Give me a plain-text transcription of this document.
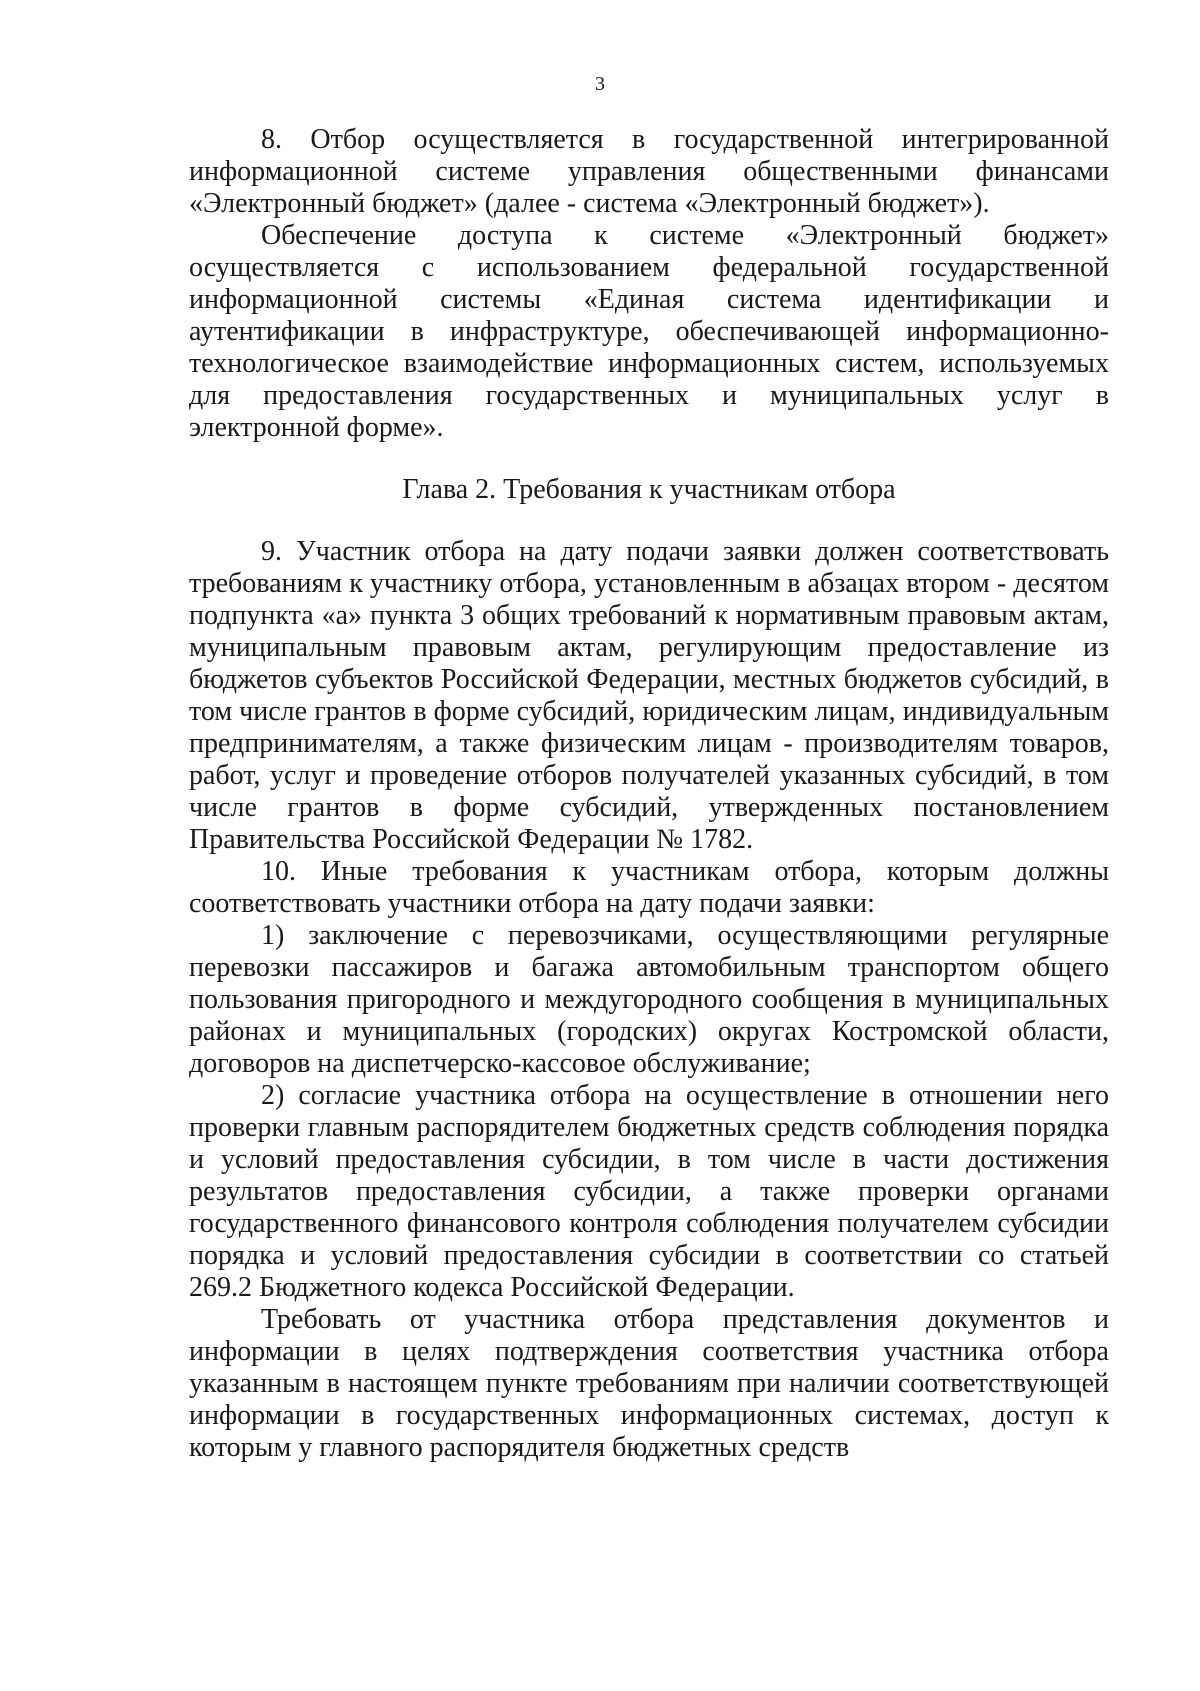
3

8. Отбор осуществляется в государственной интегрированной информационной системе управления общественными финансами «Электронный бюджет» (далее - система «Электронный бюджет»).

Обеспечение доступа к системе «Электронный бюджет» осуществляется с использованием федеральной государственной информационной системы «Единая система идентификации и аутентификации в инфраструктуре, обеспечивающей информационно-технологическое взаимодействие информационных систем, используемых для предоставления государственных и муниципальных услуг в электронной форме».

Глава 2. Требования к участникам отбора

9. Участник отбора на дату подачи заявки должен соответствовать требованиям к участнику отбора, установленным в абзацах втором - десятом подпункта «а» пункта 3 общих требований к нормативным правовым актам, муниципальным правовым актам, регулирующим предоставление из бюджетов субъектов Российской Федерации, местных бюджетов субсидий, в том числе грантов в форме субсидий, юридическим лицам, индивидуальным предпринимателям, а также физическим лицам - производителям товаров, работ, услуг и проведение отборов получателей указанных субсидий, в том числе грантов в форме субсидий, утвержденных постановлением Правительства Российской Федерации № 1782.

10. Иные требования к участникам отбора, которым должны соответствовать участники отбора на дату подачи заявки:

1) заключение с перевозчиками, осуществляющими регулярные перевозки пассажиров и багажа автомобильным транспортом общего пользования пригородного и междугородного сообщения в муниципальных районах и муниципальных (городских) округах Костромской области, договоров на диспетчерско-кассовое обслуживание;

2) согласие участника отбора на осуществление в отношении него проверки главным распорядителем бюджетных средств соблюдения порядка и условий предоставления субсидии, в том числе в части достижения результатов предоставления субсидии, а также проверки органами государственного финансового контроля соблюдения получателем субсидии порядка и условий предоставления субсидии в соответствии со статьей 269.2 Бюджетного кодекса Российской Федерации.

Требовать от участника отбора представления документов и информации в целях подтверждения соответствия участника отбора указанным в настоящем пункте требованиям при наличии соответствующей информации в государственных информационных системах, доступ к которым у главного распорядителя бюджетных средств
